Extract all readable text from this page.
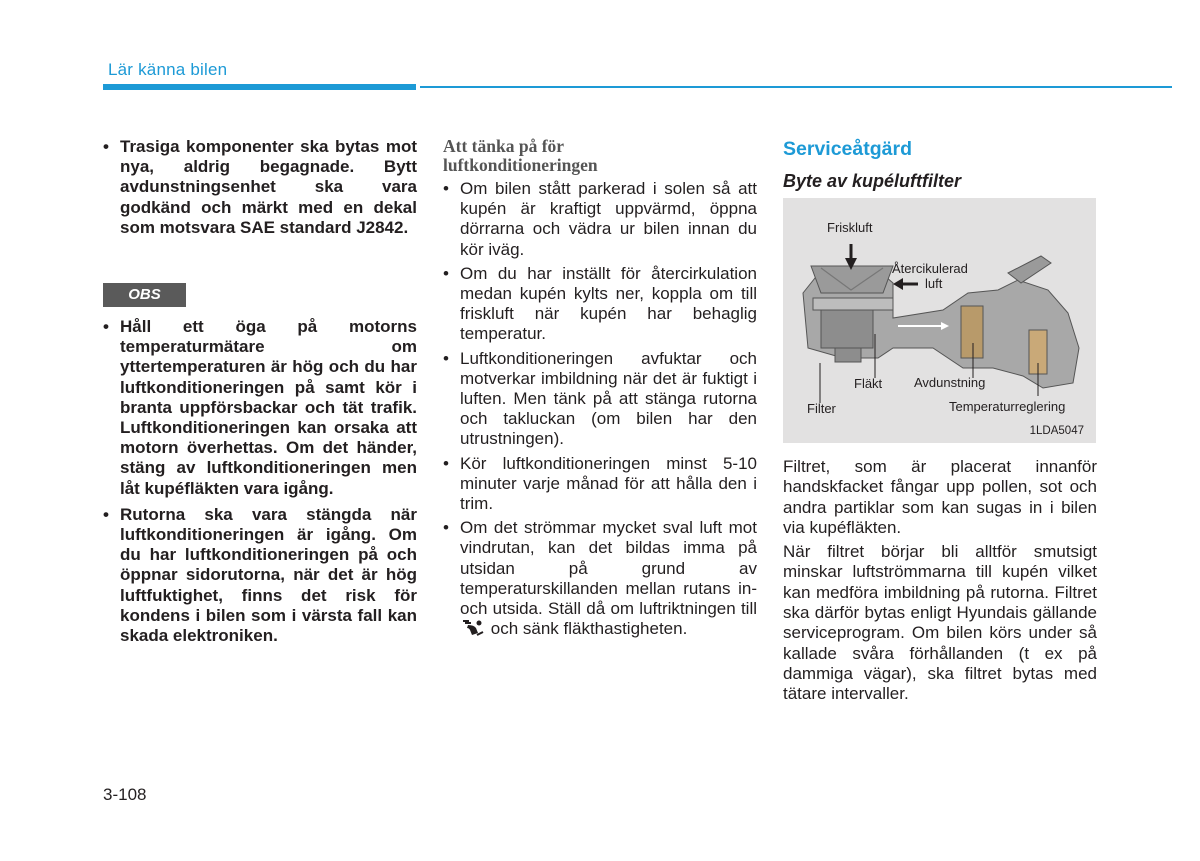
Lär känna bilen
• Trasiga komponenter ska bytas mot nya, aldrig begagnade. Bytt avdunstningsenhet ska vara godkänd och märkt med en dekal som motsvara SAE standard J2842.
OBS
• Håll ett öga på motorns temperaturmätare om yttertemperaturen är hög och du har luftkonditioneringen på samt kör i branta uppförsbackar och tät trafik. Luftkonditioneringen kan orsaka att motorn överhettas. Om det händer, stäng av luftkonditioneringen men låt kupéfläkten vara igång.
• Rutorna ska vara stängda när luftkonditioneringen är igång. Om du har luftkonditioneringen på och öppnar sidorutorna, när det är hög luftfuktighet, finns det risk för kondens i bilen som i värsta fall kan skada elektroniken.
Att tänka på för
luftkonditioneringen
• Om bilen stått parkerad i solen så att kupén är kraftigt uppvärmd, öppna dörrarna och vädra ur bilen innan du kör iväg.
• Om du har inställt för återcirkulation medan kupén kylts ner, koppla om till friskluft när kupén har behaglig temperatur.
• Luftkonditioneringen avfuktar och motverkar imbildning när det är fuktigt i luften. Men tänk på att stänga rutorna och takluckan (om bilen har den utrustningen).
• Kör luftkonditioneringen minst 5-10 minuter varje månad för att hålla den i trim.
• Om det strömmar mycket sval luft mot vindrutan, kan det bildas imma på utsidan på grund av temperaturskillanden mellan rutans in- och utsida. Ställ då om luftriktningen till  och sänk fläkthastigheten.
Serviceåtgärd
Byte av kupéluftfilter
Friskluft
Återcikulerad
luft
Fläkt Avdunstning
Filter	Temperaturreglering
1LDA5047

Filtret, som är placerat innanför handskfacket fångar upp pollen, sot och andra partiklar som kan sugas in i bilen via kupéfläkten.

När filtret börjar bli alltför smutsigt minskar luftströmmarna till kupén vilket kan medföra imbildning på rutorna. Filtret ska därför bytas enligt Hyundais gällande serviceprogram. Om bilen körs under så kallade svåra förhållanden (t ex på dammiga vägar), ska filtret bytas med tätare intervaller.

3-108
